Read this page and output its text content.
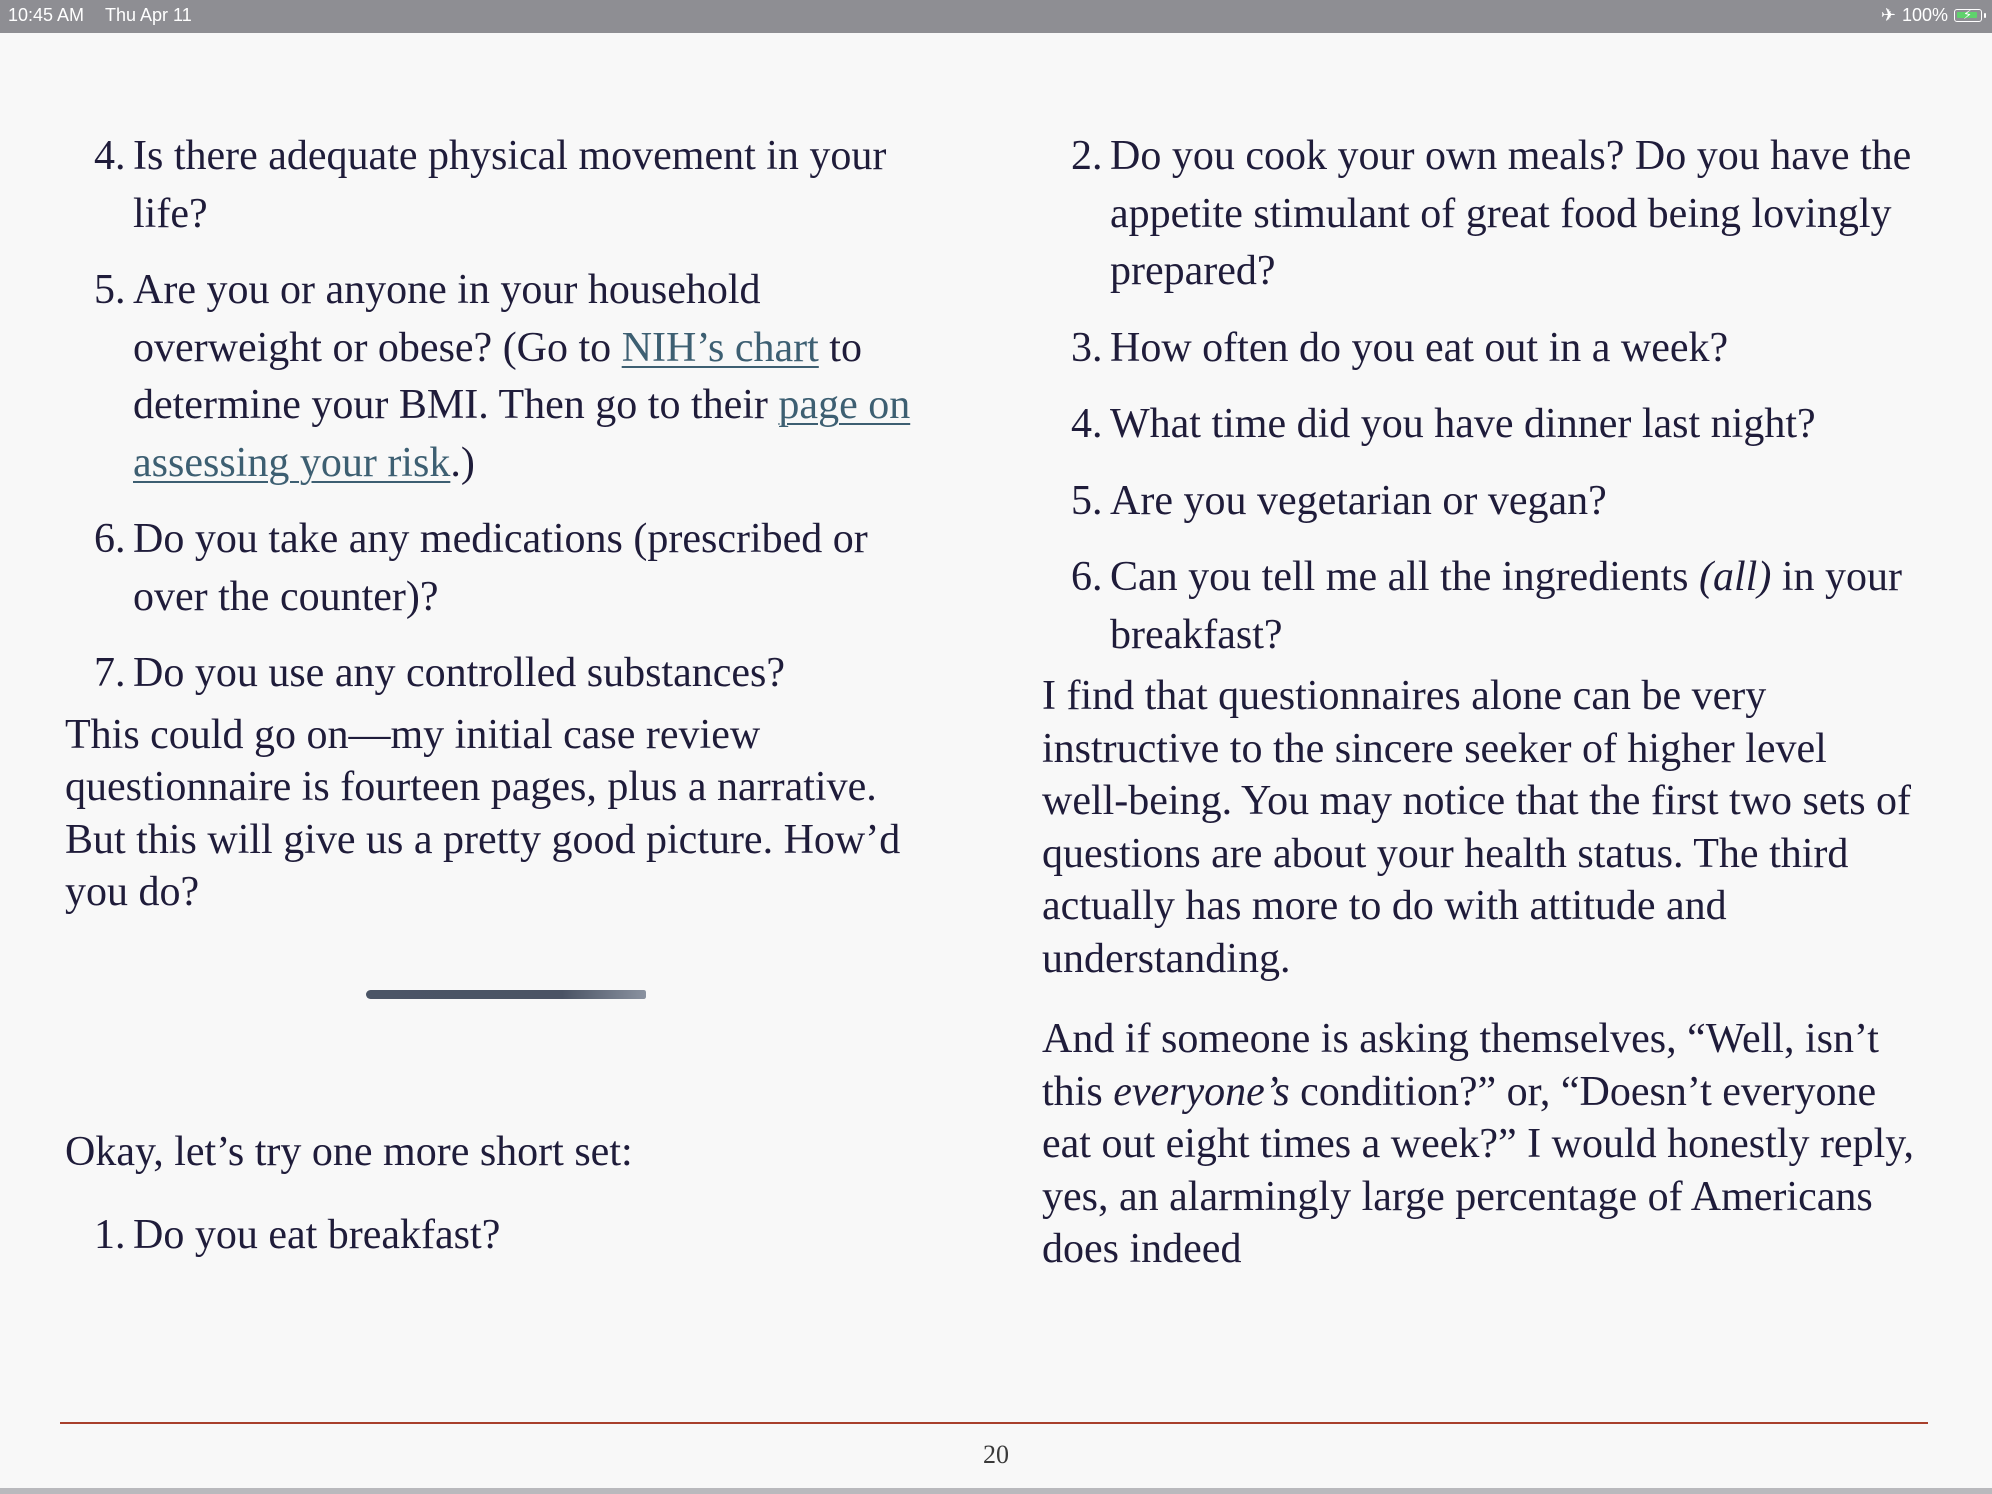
10:45 AM Thu Apr 11	✈ 100% ⚡
4. Is there adequate physical movement in your life?
5. Are you or anyone in your household overweight or obese? (Go to NIH’s chart to determine your BMI. Then go to their page on assessing your risk.)
6. Do you take any medications (prescribed or over the counter)?
7. Do you use any controlled substances?

This could go on—my initial case review questionnaire is fourteen pages, plus a narrative. But this will give us a pretty good picture. How’d you do?

Okay, let’s try one more short set:

1. Do you eat breakfast?
2. Do you cook your own meals? Do you have the appetite stimulant of great food being lovingly prepared?
3. How often do you eat out in a week?
4. What time did you have dinner last night?
5. Are you vegetarian or vegan?
6. Can you tell me all the ingredients (all) in your breakfast?

I find that questionnaires alone can be very instructive to the sincere seeker of higher level well-being. You may notice that the first two sets of questions are about your health status. The third actually has more to do with attitude and understanding.

And if someone is asking themselves, “Well, isn’t this everyone’s condition?” or, “Doesn’t everyone eat out eight times a week?” I would honestly reply, yes, an alarmingly large percentage of Americans does indeed

20
